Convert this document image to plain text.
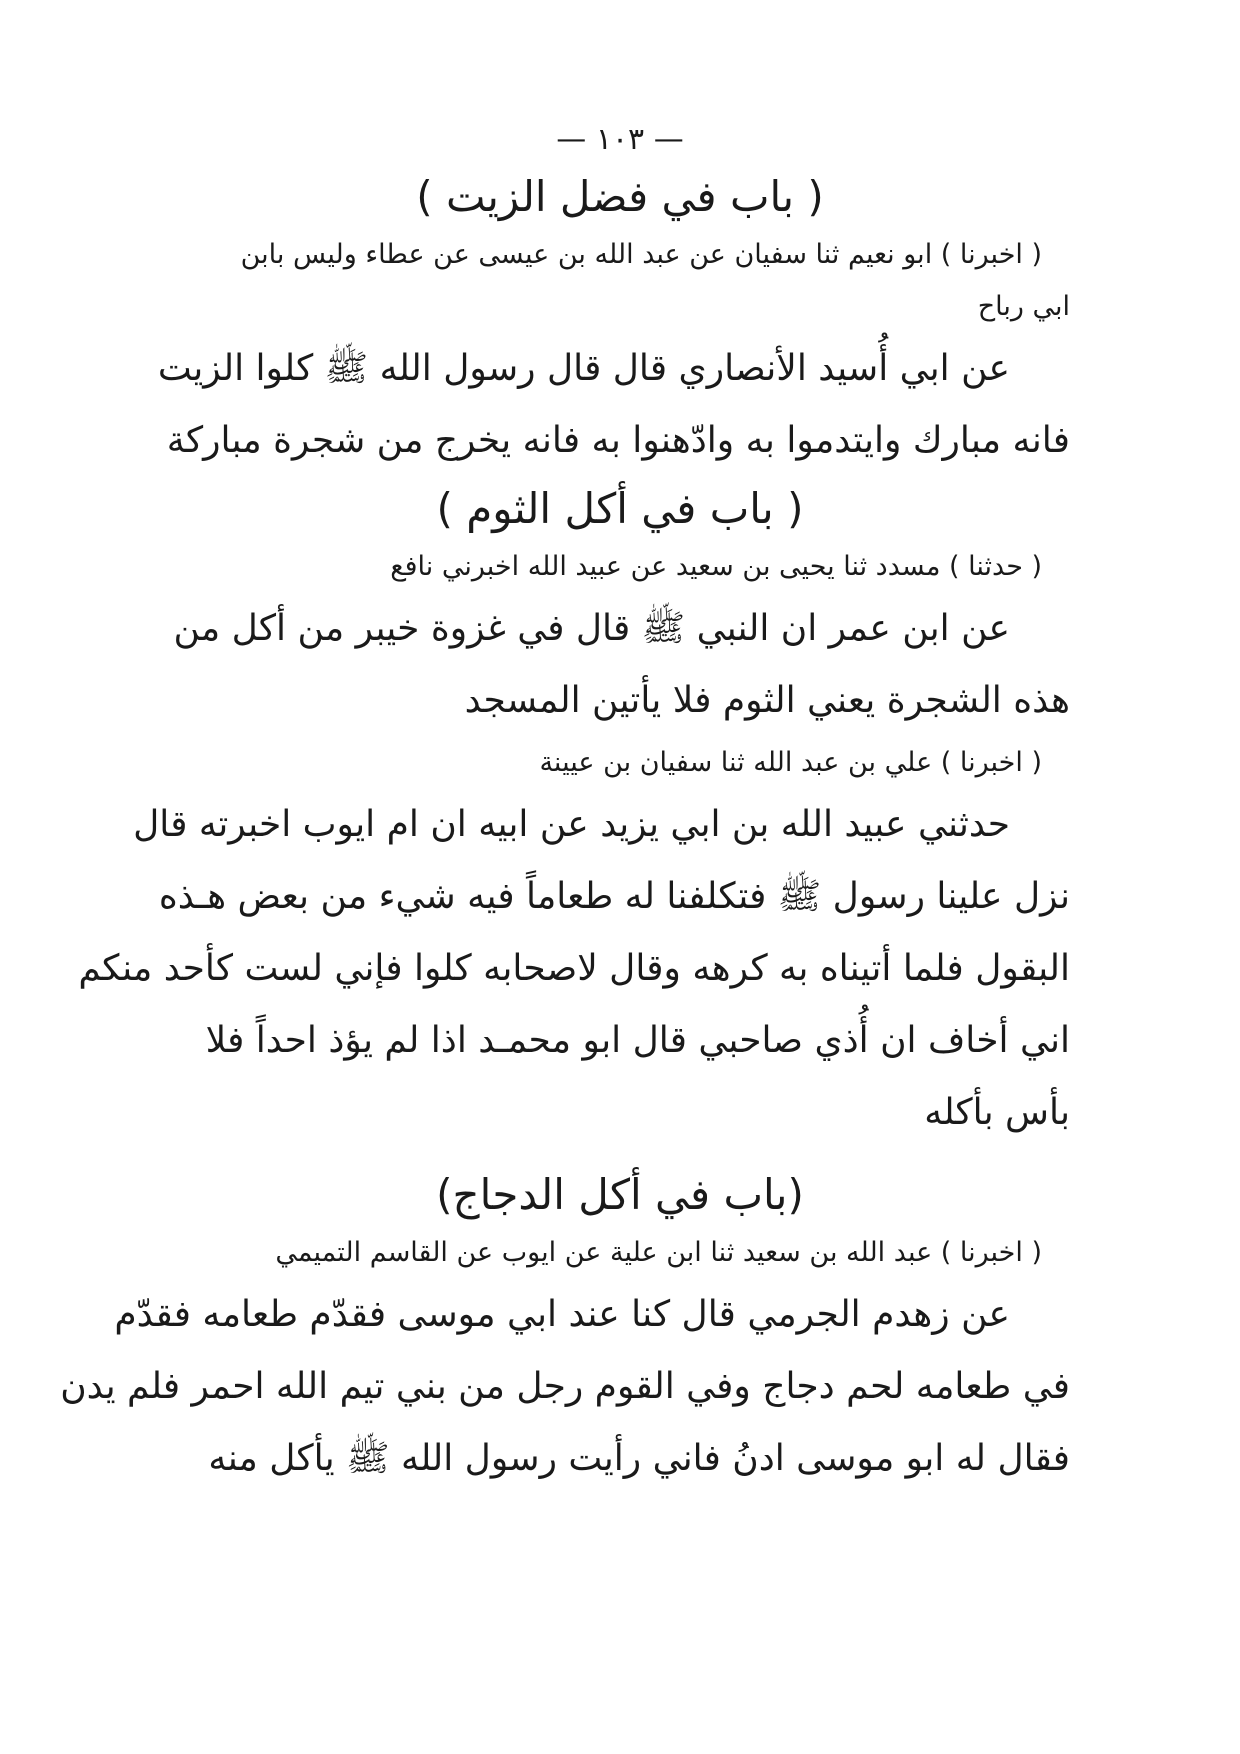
— ١٠٣ —
( باب في فضل الزيت )
( اخبرنا ) ابو نعيم ثنا سفيان عن عبد الله بن عيسى عن عطاء وليس بابن
ابي رباح
عن ابي أُسيد الأنصاري قال قال رسول الله ﷺ كلوا الزيت
فانه مبارك وايتدموا به وادّهنوا به فانه يخرج من شجرة مباركة
( باب في أكل الثوم )
( حدثنا ) مسدد ثنا يحيى بن سعيد عن عبيد الله اخبرني نافع
عن ابن عمر ان النبي ﷺ قال في غزوة خيبر من أكل من
هذه الشجرة يعني الثوم فلا يأتين المسجد
( اخبرنا ) علي بن عبد الله ثنا سفيان بن عيينة
حدثني عبيد الله بن ابي يزيد عن ابيه ان ام ايوب اخبرته قال
نزل علينا رسول ﷺ فتكلفنا له طعاماً فيه شيء من بعض هـذه
البقول فلما أتيناه به كرهه وقال لاصحابه كلوا فإني لست كأحد منكم
اني أخاف ان أُذي صاحبي قال ابو محمـد اذا لم يؤذ احداً فلا
بأس بأكله
(باب في أكل الدجاج)
( اخبرنا ) عبد الله بن سعيد ثنا ابن علية عن ايوب عن القاسم التميمي
عن زهدم الجرمي قال كنا عند ابي موسى فقدّم طعامه فقدّم
في طعامه لحم دجاج وفي القوم رجل من بني تيم الله احمر فلم يدن
فقال له ابو موسى ادنُ فاني رأيت رسول الله ﷺ يأكل منه
